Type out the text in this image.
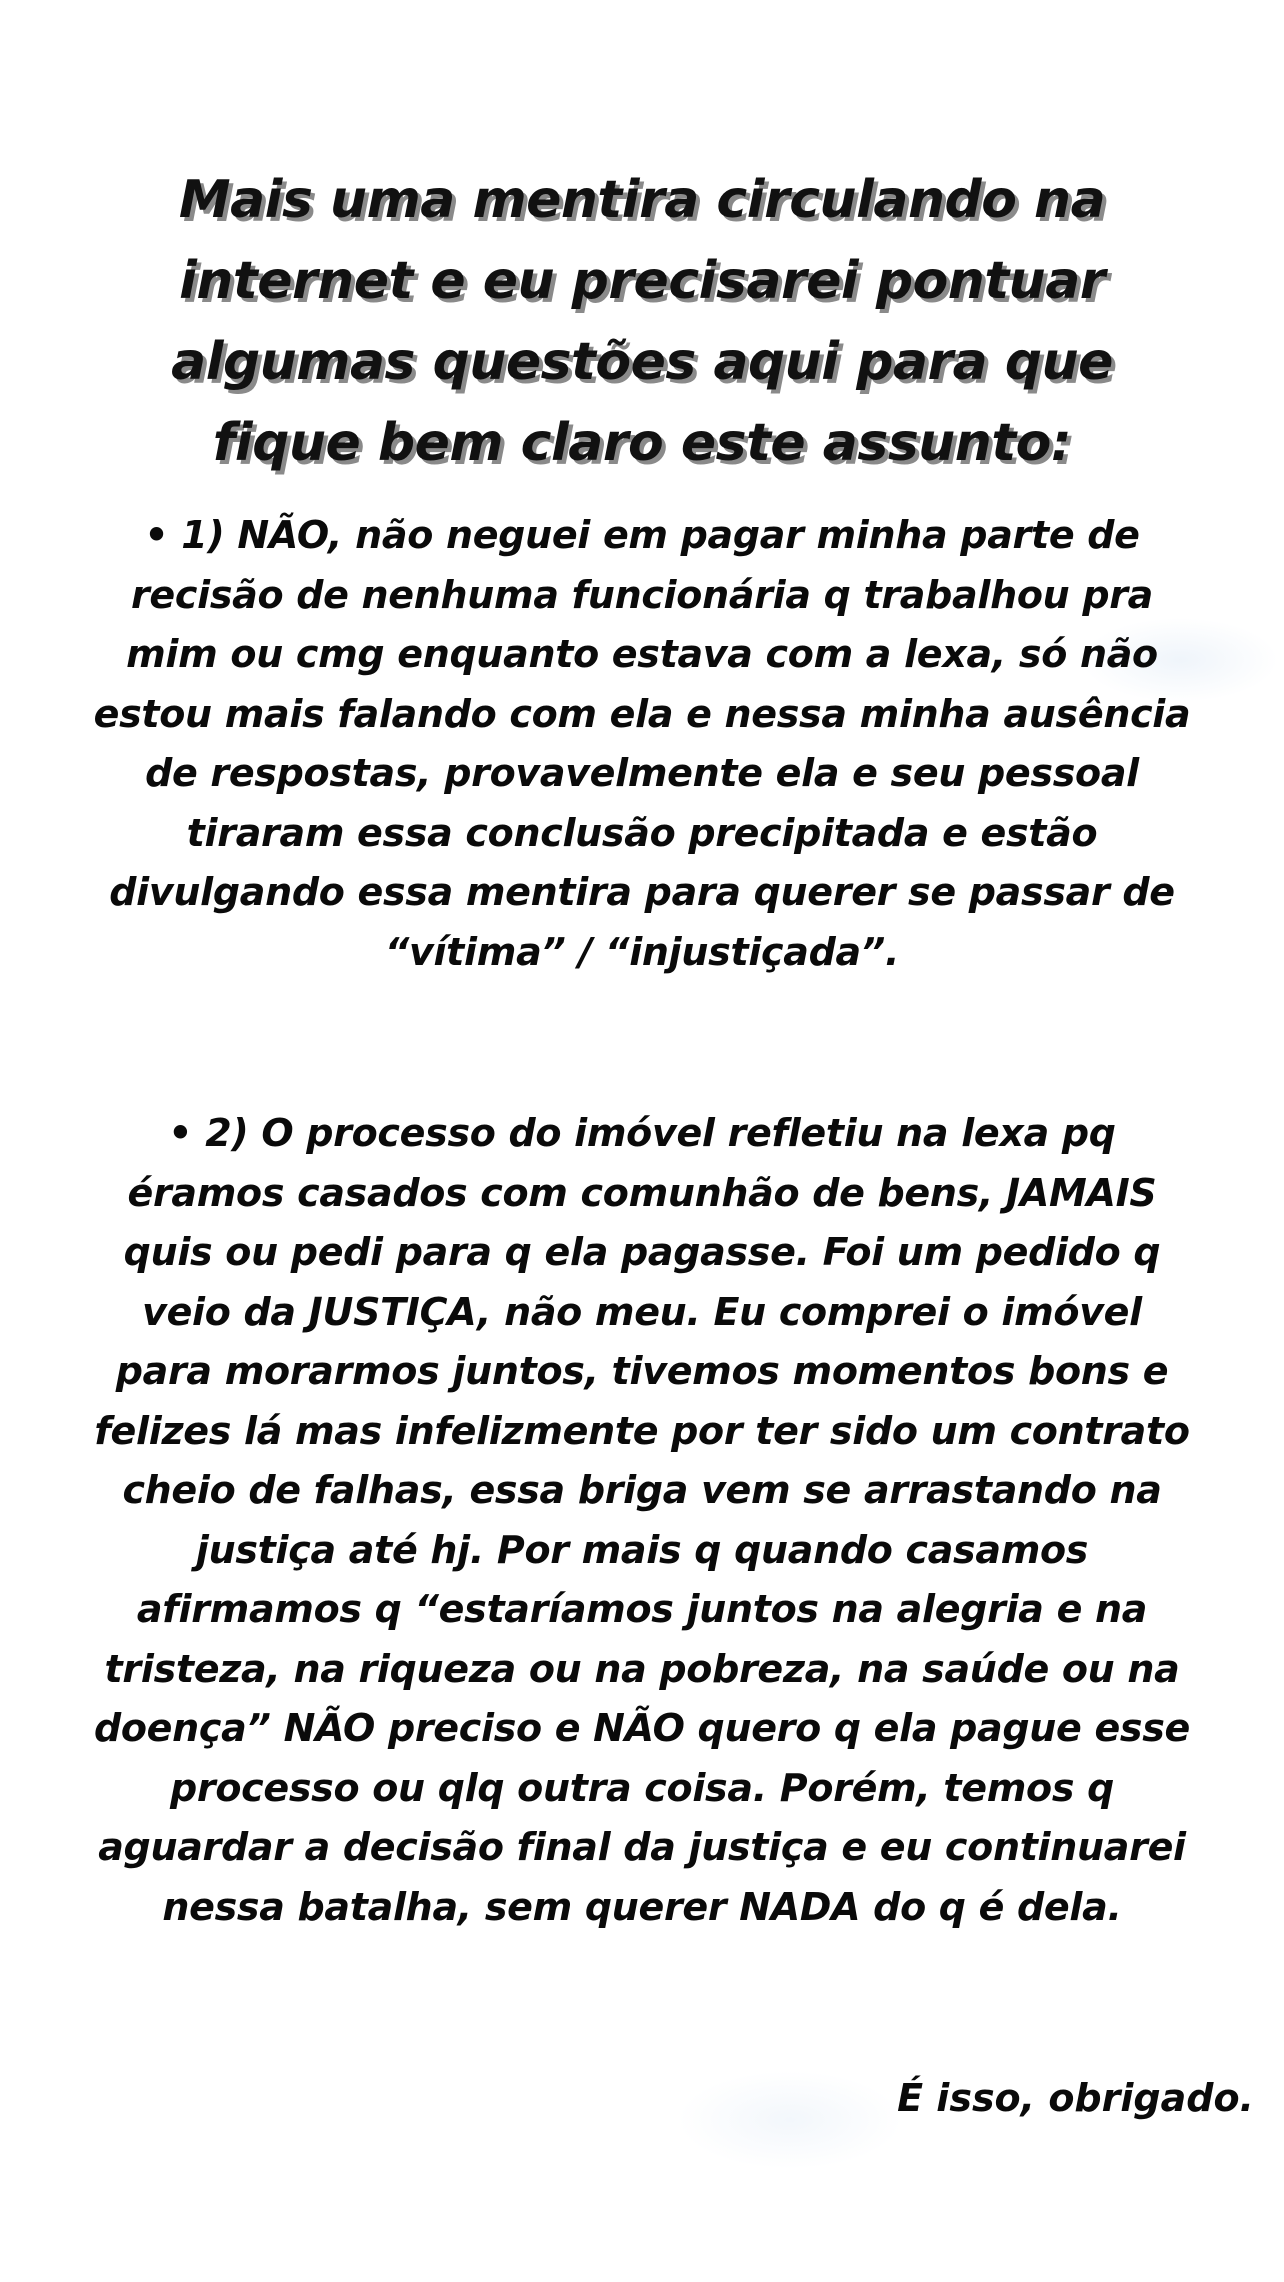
Mais uma mentira circulando na internet e eu precisarei pontuar algumas questões aqui para que fique bem claro este assunto:

• 1) NÃO, não neguei em pagar minha parte de recisão de nenhuma funcionária q trabalhou pra mim ou cmg enquanto estava com a lexa, só não estou mais falando com ela e nessa minha ausência de respostas, provavelmente ela e seu pessoal tiraram essa conclusão precipitada e estão divulgando essa mentira para querer se passar de “vítima” / “injustiçada”.

• 2) O processo do imóvel refletiu na lexa pq éramos casados com comunhão de bens, JAMAIS quis ou pedi para q ela pagasse. Foi um pedido q veio da JUSTIÇA, não meu. Eu comprei o imóvel para morarmos juntos, tivemos momentos bons e felizes lá mas infelizmente por ter sido um contrato cheio de falhas, essa briga vem se arrastando na justiça até hj. Por mais q quando casamos afirmamos q “estaríamos juntos na alegria e na tristeza, na riqueza ou na pobreza, na saúde ou na doença” NÃO preciso e NÃO quero q ela pague esse processo ou qlq outra coisa. Porém, temos q aguardar a decisão final da justiça e eu continuarei nessa batalha, sem querer NADA do q é dela.

É isso, obrigado.
